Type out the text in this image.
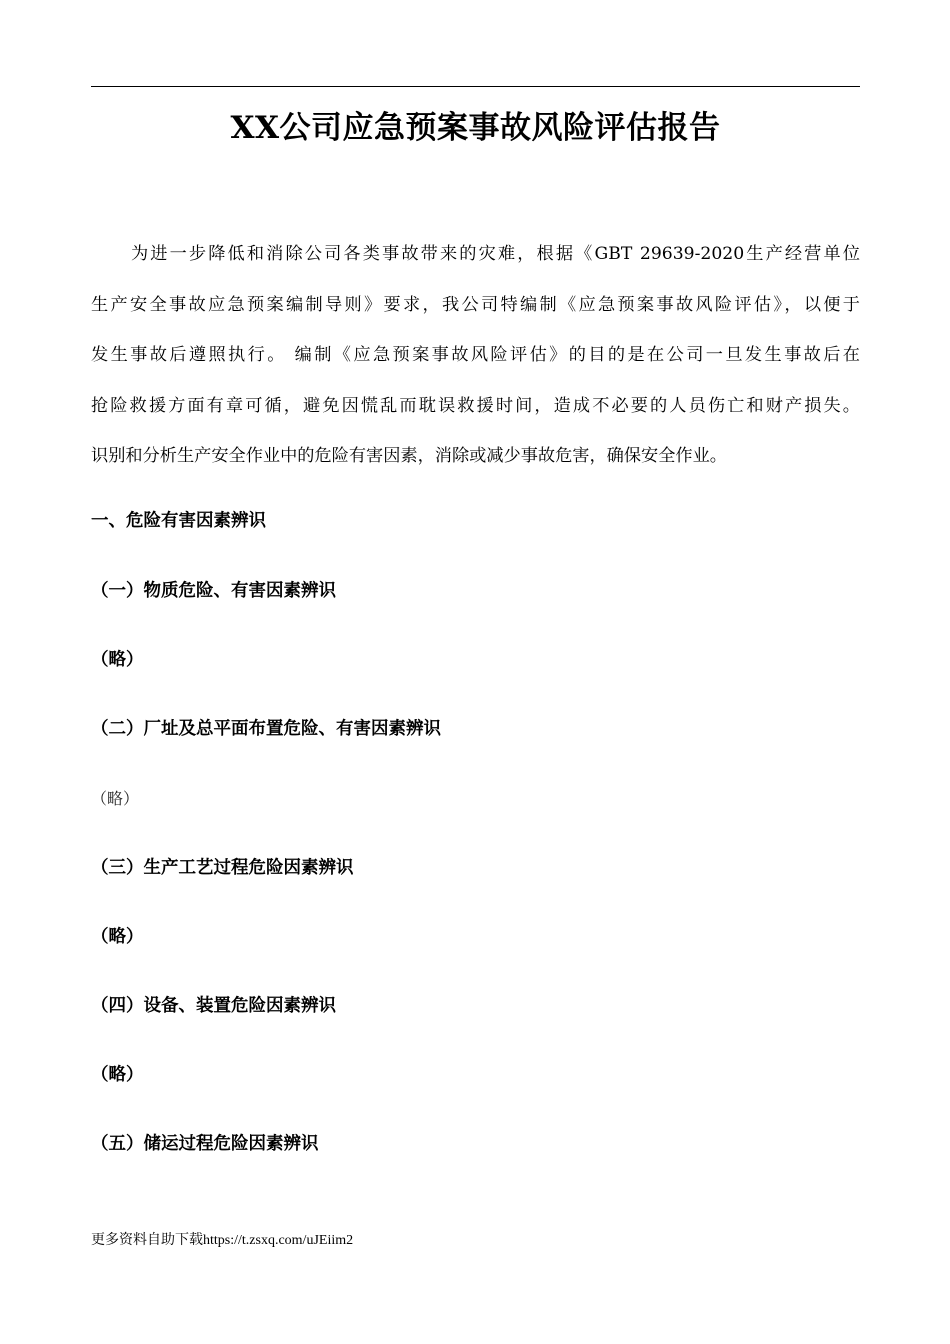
XX公司应急预案事故风险评估报告
为进一步降低和消除公司各类事故带来的灾难，根据《GBT 29639-2020生产经营单位
生产安全事故应急预案编制导则》要求，我公司特编制《应急预案事故风险评估》，以便于
发生事故后遵照执行。 编制《应急预案事故风险评估》的目的是在公司一旦发生事故后在
抢险救援方面有章可循，避免因慌乱而耽误救援时间，造成不必要的人员伤亡和财产损失。
识别和分析生产安全作业中的危险有害因素，消除或减少事故危害，确保安全作业。
一、危险有害因素辨识
（一）物质危险、有害因素辨识
（略）
（二）厂址及总平面布置危险、有害因素辨识
（略）
（三）生产工艺过程危险因素辨识
（略）
（四）设备、装置危险因素辨识
（略）
（五）储运过程危险因素辨识
更多资料自助下载https://t.zsxq.com/uJEiim2
